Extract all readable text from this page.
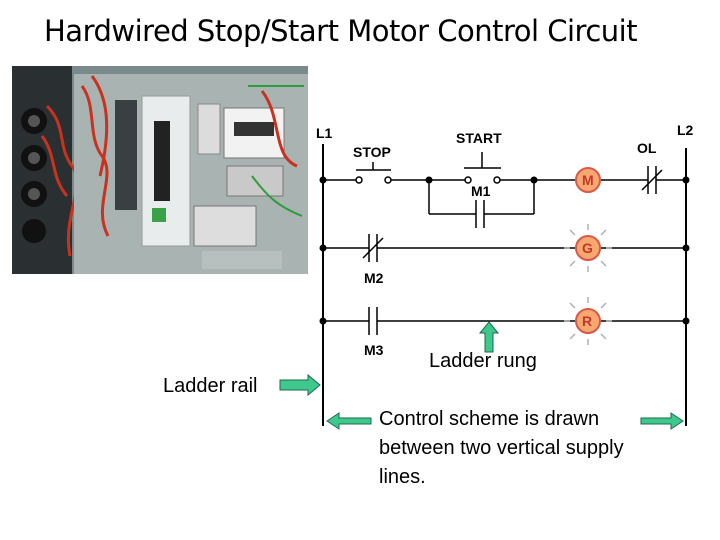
Hardwired Stop/Start Motor Control Circuit
L1	L2
M
STOP
START
M1
OL
G
M2
R
M3 Ladder rung
Ladder rail
Control scheme is drawn between two vertical supply lines.
